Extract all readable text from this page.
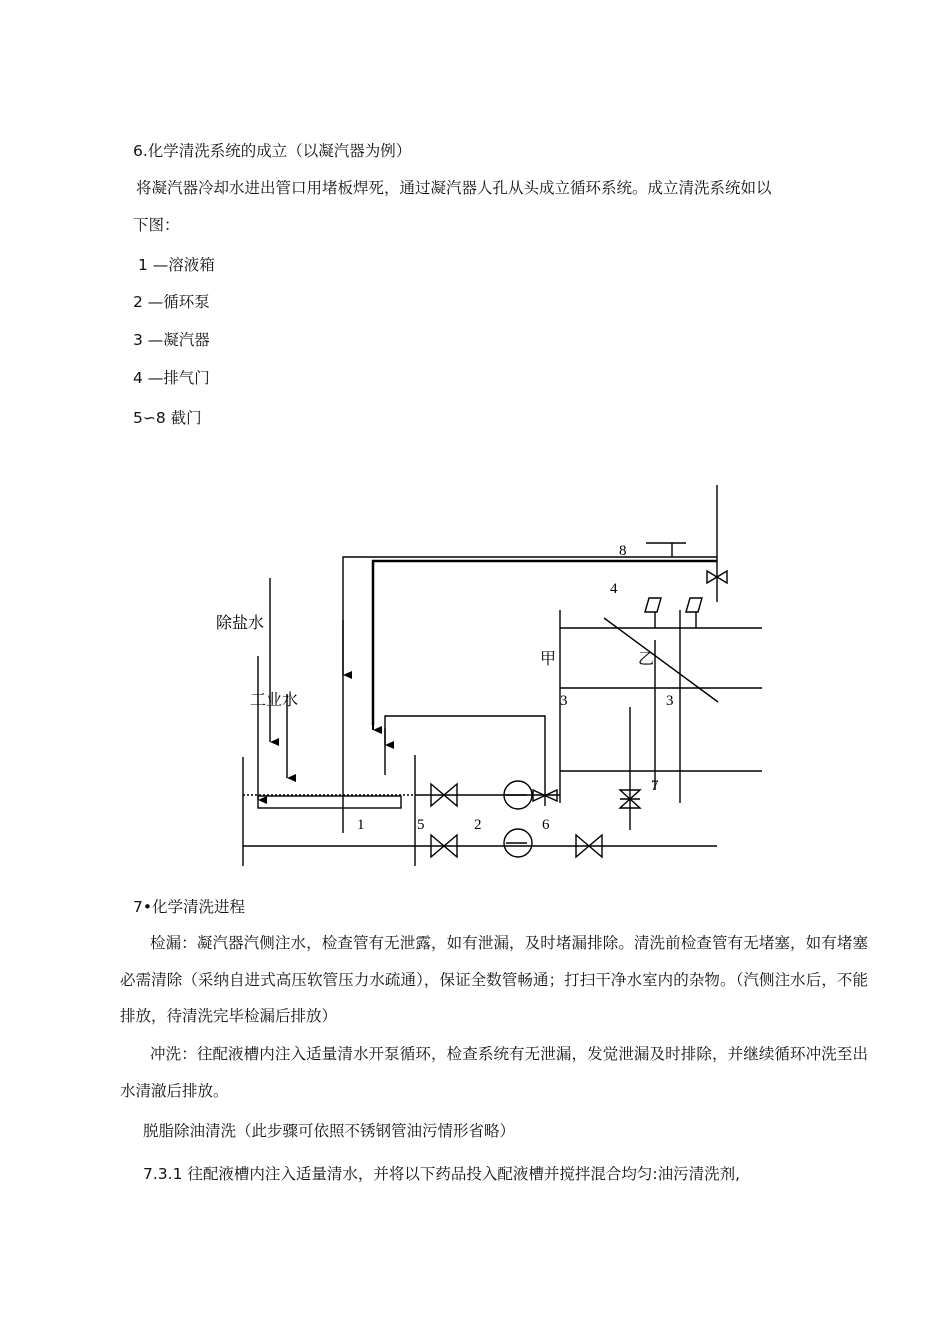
6.化学清洗系统的成立（以凝汽器为例）
将凝汽器冷却水进出管口用堵板焊死，通过凝汽器人孔从头成立循环系统。成立清洗系统如以
下图：
1 —溶液箱
2 —循环泵
3 —凝汽器
4 —排气门
5∽8 截门
除盐水
工业水
甲	乙
1	2
3	3
4
5	6
7
8
7•化学清洗进程
检漏：凝汽器汽侧注水，检查管有无泄露，如有泄漏，及时堵漏排除。清洗前检查管有无堵塞，如有堵塞必需清除（采纳自进式高压软管压力水疏通），保证全数管畅通；打扫干净水室内的杂物。（汽侧注水后，不能排放，待清洗完毕检漏后排放）
冲洗：往配液槽内注入适量清水开泵循环，检查系统有无泄漏，发觉泄漏及时排除，并继续循环冲洗至出水清澈后排放。
脱脂除油清洗（此步骤可依照不锈钢管油污情形省略）
7.3.1 往配液槽内注入适量清水，并将以下药品投入配液槽并搅拌混合均匀:油污清洗剂,
